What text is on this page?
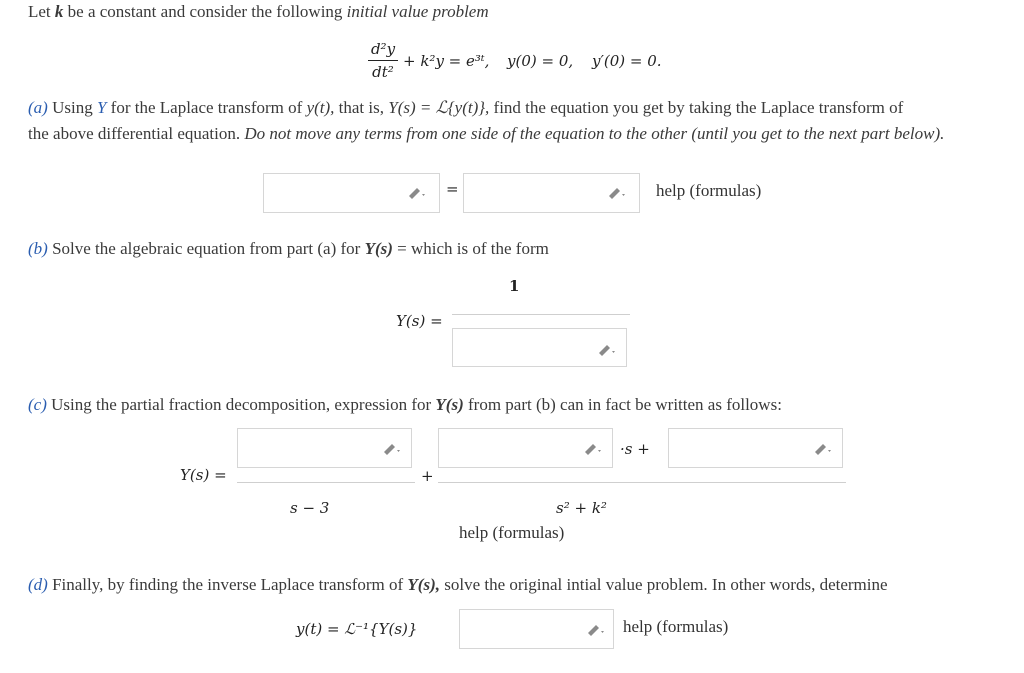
Let k be a constant and consider the following initial value problem
d²y
dt²
+ k²y = e³ᵗ, y(0) = 0, y′(0) = 0.
(a) Using Y for the Laplace transform of y(t), that is, Y(s) = ℒ{y(t)}, find the equation you get by taking the Laplace transform of
the above differential equation. Do not move any terms from one side of the equation to the other (until you get to the next part below).
=	help (formulas)
(b) Solve the algebraic equation from part (a) for Y(s) = which is of the form
1
Y(s) =
(c) Using the partial fraction decomposition, expression for Y(s) from part (b) can in fact be written as follows:
·s +
Y(s) =	+
s − 3	s² + k²
help (formulas)
(d) Finally, by finding the inverse Laplace transform of Y(s), solve the original intial value problem. In other words, determine
y(t) = ℒ⁻¹{Y(s)}	help (formulas)
